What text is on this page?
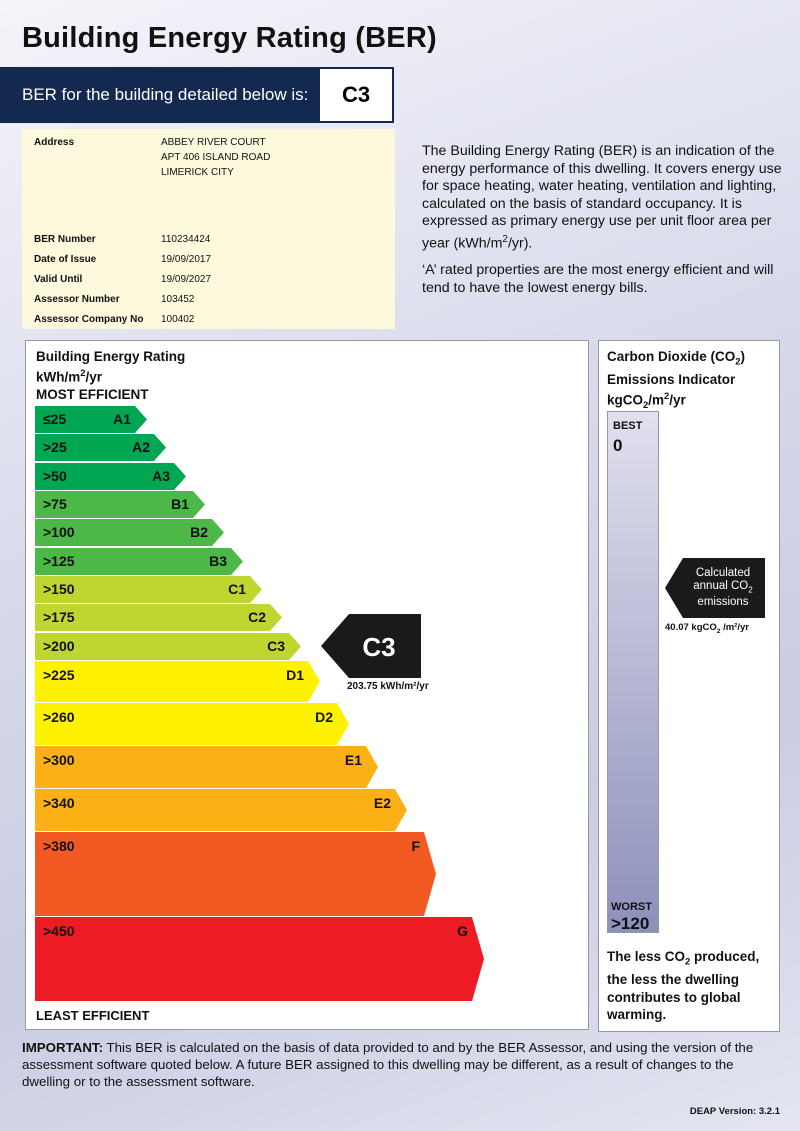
Building Energy Rating (BER)
BER for the building detailed below is:	C3
Address	ABBEY RIVER COURT
APT 406 ISLAND ROAD
LIMERICK CITY
BER Number	110234424
Date of Issue	19/09/2017
Valid Until	19/09/2027
Assessor Number	103452
Assessor Company No 100402

The Building Energy Rating (BER) is an indication of the energy performance of this dwelling. It covers energy use for space heating, water heating, ventilation and lighting, calculated on the basis of standard occupancy. It is expressed as primary energy use per unit floor area per year $(kWh/m^2/yr)$.

‘A’ rated properties are the most energy efficient and will tend to have the lowest energy bills.

Building Energy Rating
kWh/$m^2/yr$
MOST EFFICIENT
≤25	A1
>25	A2
>50	A3
>75	B1
>100	B2
>125	B3
>150	C1
>175	C2
>200	C3
>225	D1
>260	D2
>300	E1
>340	E2
>380	F
>450	G
C3
203.75 kWh/m²/yr
LEAST EFFICIENT
Carbon Dioxide $(CO_2)$
Emissions Indicator
$kgCO_2/m^2/yr$
BEST
0
WORST
>120
Calculated
annual $CO_2$
emissions
40.07 kgCO$_2$ /m²/yr
The less $CO_2$ produced, the less the dwelling contributes to global warming.
IMPORTANT: This BER is calculated on the basis of data provided to and by the BER Assessor, and using the version of the assessment software quoted below. A future BER assigned to this dwelling may be different, as a result of changes to the dwelling or to the assessment software.
DEAP Version: 3.2.1
